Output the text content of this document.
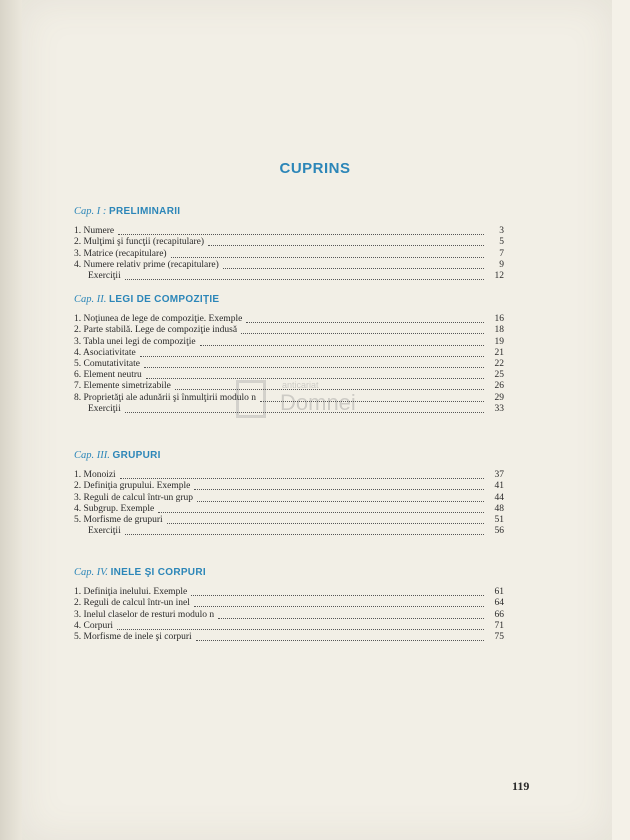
CUPRINS
anticariat
Domnei
Cap. I : PRELIMINARII
1. Numere	3
2. Mulţimi şi funcţii (recapitulare)	5
3. Matrice (recapitulare)	7
4. Numere relativ prime (recapitulare)	9
Exerciţii	12
Cap. II. LEGI DE COMPOZIŢIE
1. Noţiunea de lege de compoziţie. Exemple	16
2. Parte stabilă. Lege de compoziţie indusă	18
3. Tabla unei legi de compoziţie	19
4. Asociativitate	21
5. Comutativitate	22
6. Element neutru	25
7. Elemente simetrizabile	26
8. Proprietăţi ale adunării şi înmulţirii modulo n	29
Exerciţii	33
Cap. III. GRUPURI
1. Monoizi	37
2. Definiţia grupului. Exemple	41
3. Reguli de calcul într-un grup	44
4. Subgrup. Exemple	48
5. Morfisme de grupuri	51
Exerciţii	56
Cap. IV. INELE ŞI CORPURI
1. Definiţia inelului. Exemple	61
2. Reguli de calcul într-un inel	64
3. Inelul claselor de resturi modulo n	66
4. Corpuri	71
5. Morfisme de inele şi corpuri	75
119
